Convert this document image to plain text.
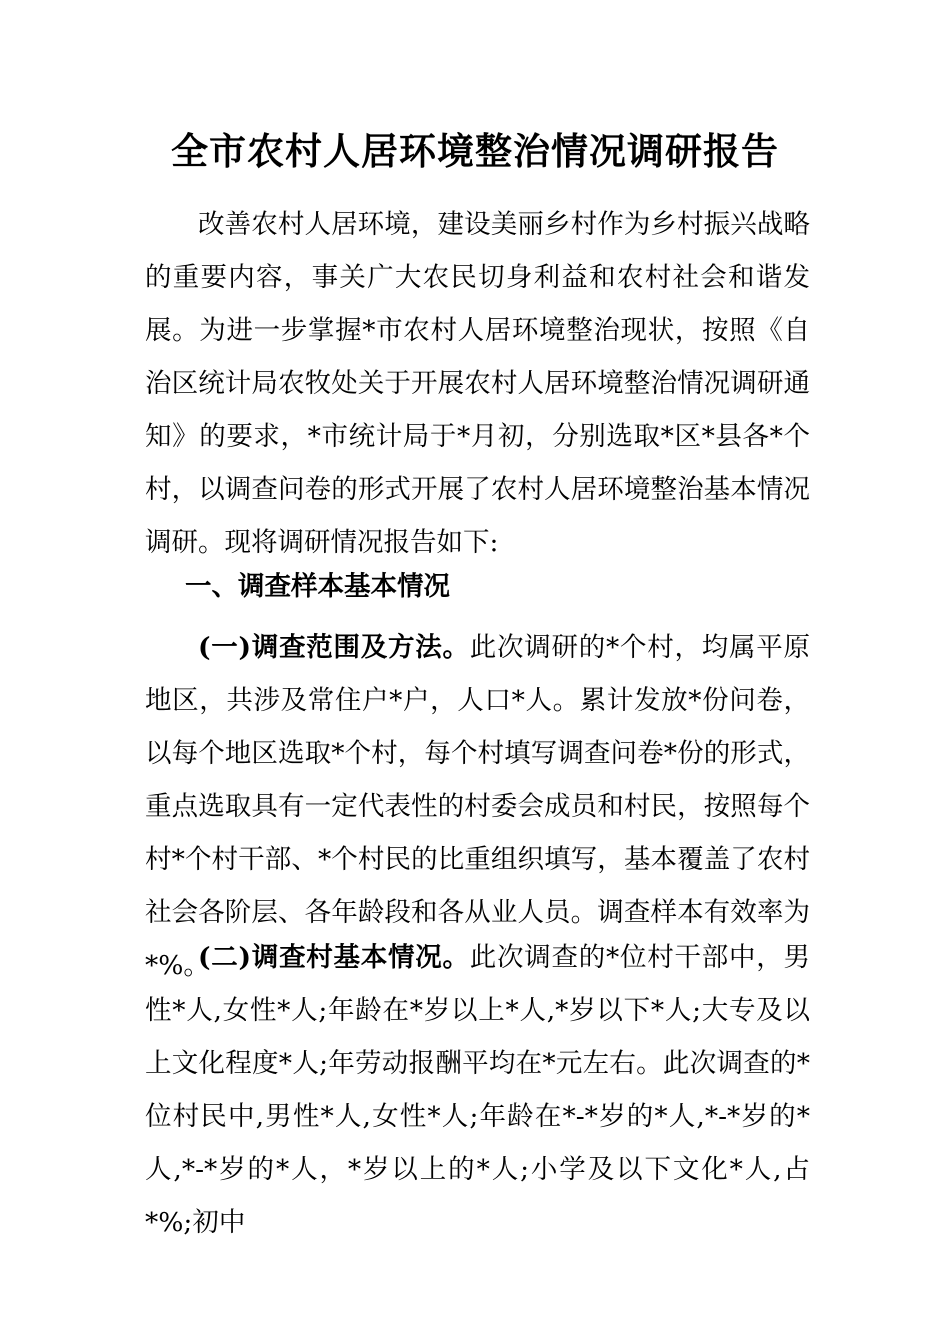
全市农村人居环境整治情况调研报告

改善农村人居环境，建设美丽乡村作为乡村振兴战略的重要内容，事关广大农民切身利益和农村社会和谐发展。为进一步掌握*市农村人居环境整治现状，按照《自治区统计局农牧处关于开展农村人居环境整治情况调研通知》的要求，*市统计局于*月初，分别选取*区*县各*个村，以调查问卷的形式开展了农村人居环境整治基本情况调研。现将调研情况报告如下:

一、调查样本基本情况

(一)调查范围及方法。此次调研的*个村，均属平原地区，共涉及常住户*户，人口*人。累计发放*份问卷，以每个地区选取*个村，每个村填写调查问卷*份的形式，重点选取具有一定代表性的村委会成员和村民，按照每个村*个村干部、*个村民的比重组织填写，基本覆盖了农村社会各阶层、各年龄段和各从业人员。调查样本有效率为*%。

(二)调查村基本情况。此次调查的*位村干部中，男性*人,女性*人;年龄在*岁以上*人,*岁以下*人;大专及以上文化程度*人;年劳动报酬平均在*元左右。此次调查的*位村民中,男性*人,女性*人;年龄在*-*岁的*人,*-*岁的*人,*-*岁的*人，*岁以上的*人;小学及以下文化*人,占*%;初中
